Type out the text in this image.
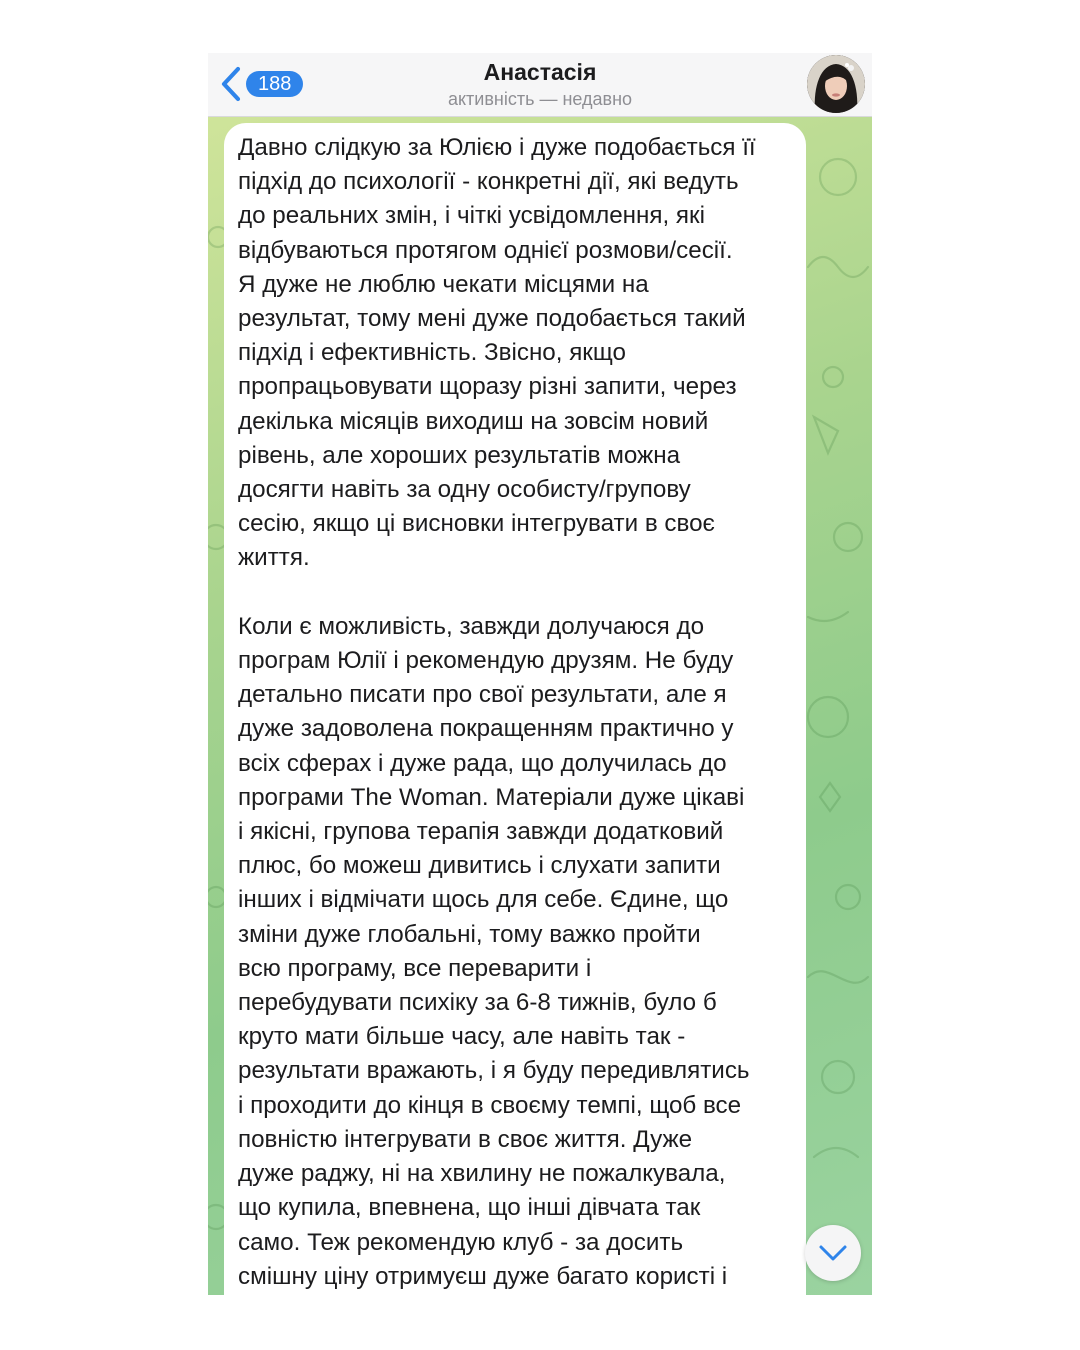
188	Анастасія
активність — недавно

Давно слідкую за Юлією і дуже подобається її
підхід до психології - конкретні дії, які ведуть
до реальних змін, і чіткі усвідомлення, які
відбуваються протягом однієї розмови/сесії.
Я дуже не люблю чекати місцями на
результат, тому мені дуже подобається такий
підхід і ефективність. Звісно, якщо
пропрацьовувати щоразу різні запити, через
декілька місяців виходиш на зовсім новий
рівень, але хороших результатів можна
досягти навіть за одну особисту/групову
сесію, якщо ці висновки інтегрувати в своє
життя.

Коли є можливість, завжди долучаюся до
програм Юлії і рекомендую друзям. Не буду
детально писати про свої результати, але я
дуже задоволена покращенням практично у
всіх сферах і дуже рада, що долучилась до
програми The Woman. Матеріали дуже цікаві
і якісні, групова терапія завжди додатковий
плюс, бо можеш дивитись і слухати запити
інших і відмічати щось для себе. Єдине, що
зміни дуже глобальні, тому важко пройти
всю програму, все переварити і
перебудувати психіку за 6-8 тижнів, було б
круто мати більше часу, але навіть так -
результати вражають, і я буду передивлятись
і проходити до кінця в своєму темпі, щоб все
повністю інтегрувати в своє життя. Дуже
дуже раджу, ні на хвилину не пожалкувала,
що купила, впевнена, що інші дівчата так
само. Теж рекомендую клуб - за досить
смішну ціну отримуєш дуже багато користі і
